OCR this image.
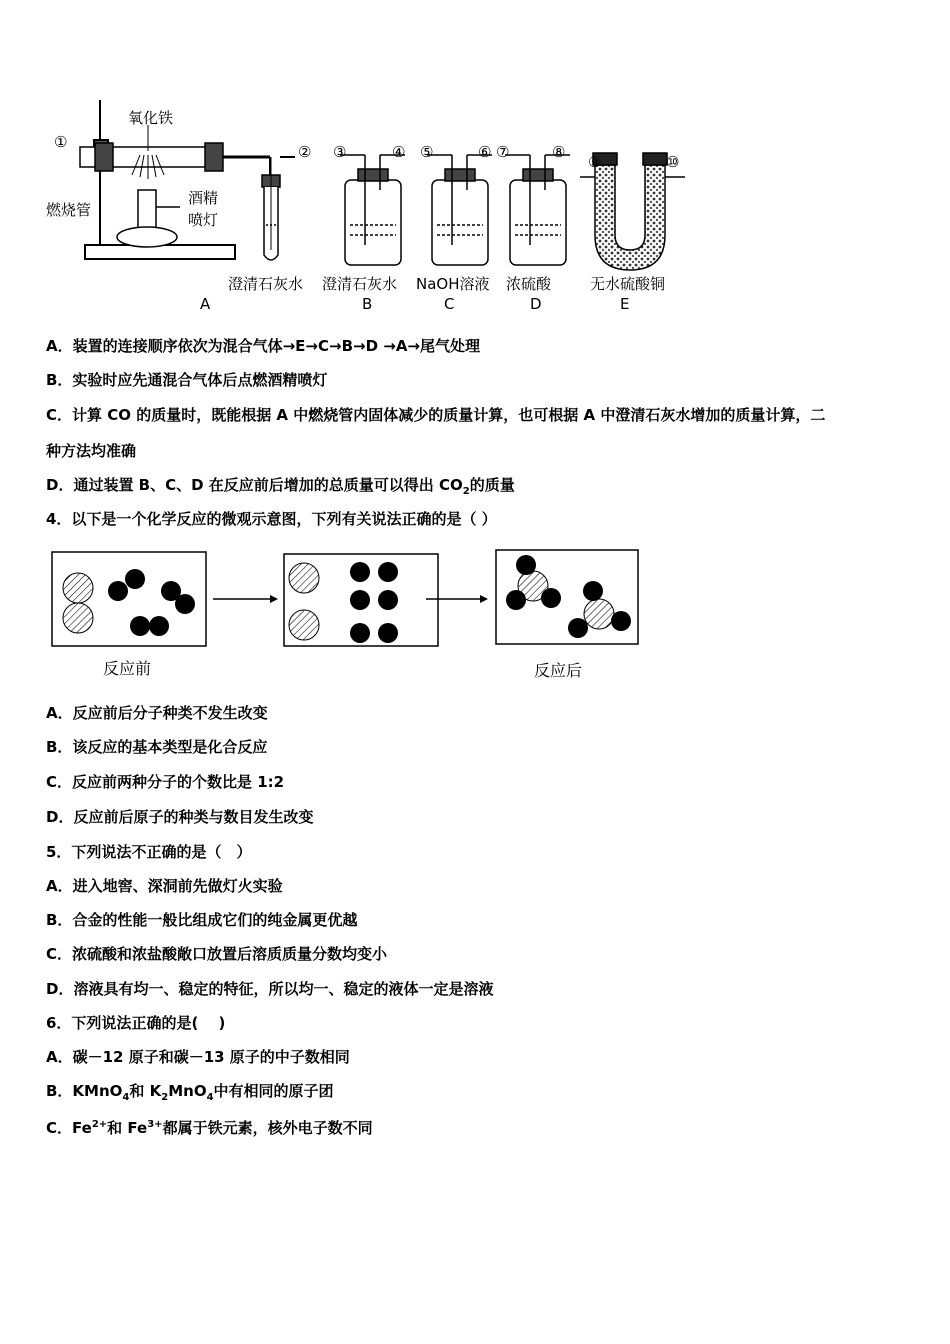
①
氧化铁
燃烧管
酒精
喷灯
② ③	④ ⑤	⑥ ⑦	⑧
⑨	⑩
澄清石灰水 澄清石灰水 NaOH溶液 浓硫酸	无水硫酸铜
A	B	C	D	E
A．装置的连接顺序依次为混合气体→E→C→B→D →A→尾气处理
B．实验时应先通混合气体后点燃酒精喷灯
C．计算 CO 的质量时，既能根据 A 中燃烧管内固体减少的质量计算，也可根据 A 中澄清石灰水增加的质量计算，二
种方法均准确
D．通过装置 B、C、D 在反应前后增加的总质量可以得出 $CO_2$的质量
4．以下是一个化学反应的微观示意图，下列有关说法正确的是（ ）
反应前	反应后
A．反应前后分子种类不发生改变
B．该反应的基本类型是化合反应
C．反应前两种分子的个数比是 1:2
D．反应前后原子的种类与数目发生改变
5．下列说法不正确的是（　）
A．进入地窖、深洞前先做灯火实验
B．合金的性能一般比组成它们的纯金属更优越
C．浓硫酸和浓盐酸敞口放置后溶质质量分数均变小
D．溶液具有均一、稳定的特征，所以均一、稳定的液体一定是溶液
6．下列说法正确的是(　 )
A．碳－12 原子和碳－13 原子的中子数相同
B．KMnO$_4$和 $K_2MnO_4$中有相同的原子团
C．$Fe^{2+}$和 $Fe^{3+}$都属于铁元素，核外电子数不同
